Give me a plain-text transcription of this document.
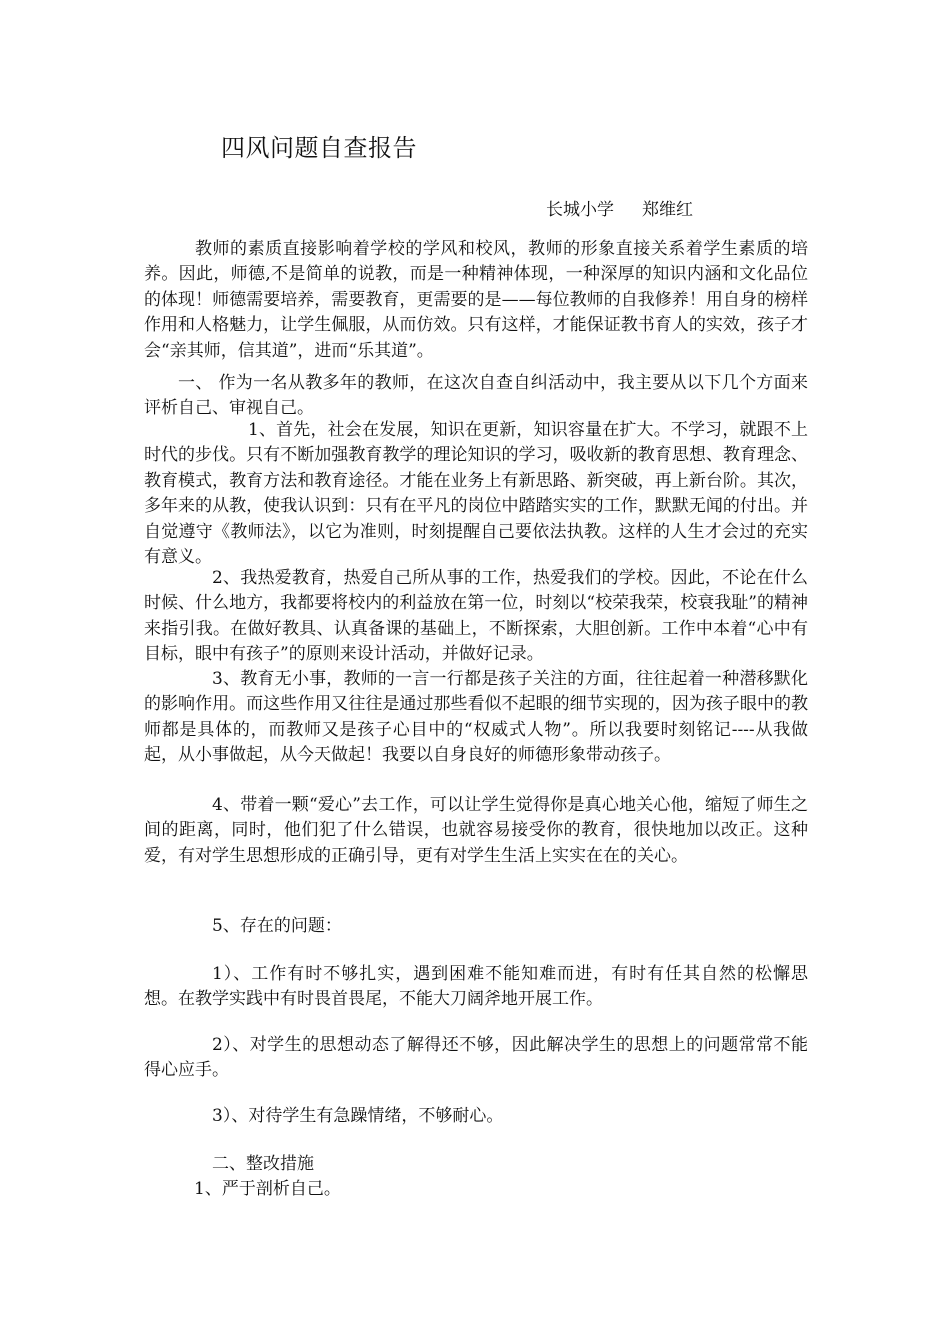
四风问题自查报告
长城小学 郑维红

教师的素质直接影响着学校的学风和校风，教师的形象直接关系着学生素质的培养。因此，师德,不是简单的说教，而是一种精神体现，一种深厚的知识内涵和文化品位的体现！师德需要培养，需要教育，更需要的是——每位教师的自我修养！用自身的榜样作用和人格魅力，让学生佩服，从而仿效。只有这样，才能保证教书育人的实效，孩子才会“亲其师，信其道”，进而“乐其道”。

一、 作为一名从教多年的教师，在这次自查自纠活动中，我主要从以下几个方面来评析自己、审视自己。

1、首先，社会在发展，知识在更新，知识容量在扩大。不学习，就跟不上时代的步伐。只有不断加强教育教学的理论知识的学习，吸收新的教育思想、教育理念、教育模式，教育方法和教育途径。才能在业务上有新思路、新突破，再上新台阶。其次，多年来的从教，使我认识到：只有在平凡的岗位中踏踏实实的工作，默默无闻的付出。并自觉遵守《教师法》，以它为准则，时刻提醒自己要依法执教。这样的人生才会过的充实有意义。

2、我热爱教育，热爱自己所从事的工作，热爱我们的学校。因此，不论在什么时候、什么地方，我都要将校内的利益放在第一位，时刻以“校荣我荣，校衰我耻”的精神来指引我。在做好教具、认真备课的基础上，不断探索，大胆创新。工作中本着“心中有目标，眼中有孩子”的原则来设计活动，并做好记录。

3、教育无小事，教师的一言一行都是孩子关注的方面，往往起着一种潜移默化的影响作用。而这些作用又往往是通过那些看似不起眼的细节实现的，因为孩子眼中的教师都是具体的，而教师又是孩子心目中的“权威式人物”。所以我要时刻铭记----从我做起，从小事做起，从今天做起！我要以自身良好的师德形象带动孩子。

4、带着一颗“爱心”去工作，可以让学生觉得你是真心地关心他，缩短了师生之间的距离，同时，他们犯了什么错误，也就容易接受你的教育，很快地加以改正。这种爱，有对学生思想形成的正确引导，更有对学生生活上实实在在的关心。

5、存在的问题：

1）、工作有时不够扎实，遇到困难不能知难而进，有时有任其自然的松懈思想。在教学实践中有时畏首畏尾，不能大刀阔斧地开展工作。

2）、对学生的思想动态了解得还不够，因此解决学生的思想上的问题常常不能得心应手。

3）、对待学生有急躁情绪，不够耐心。

二、整改措施

1、严于剖析自己。
